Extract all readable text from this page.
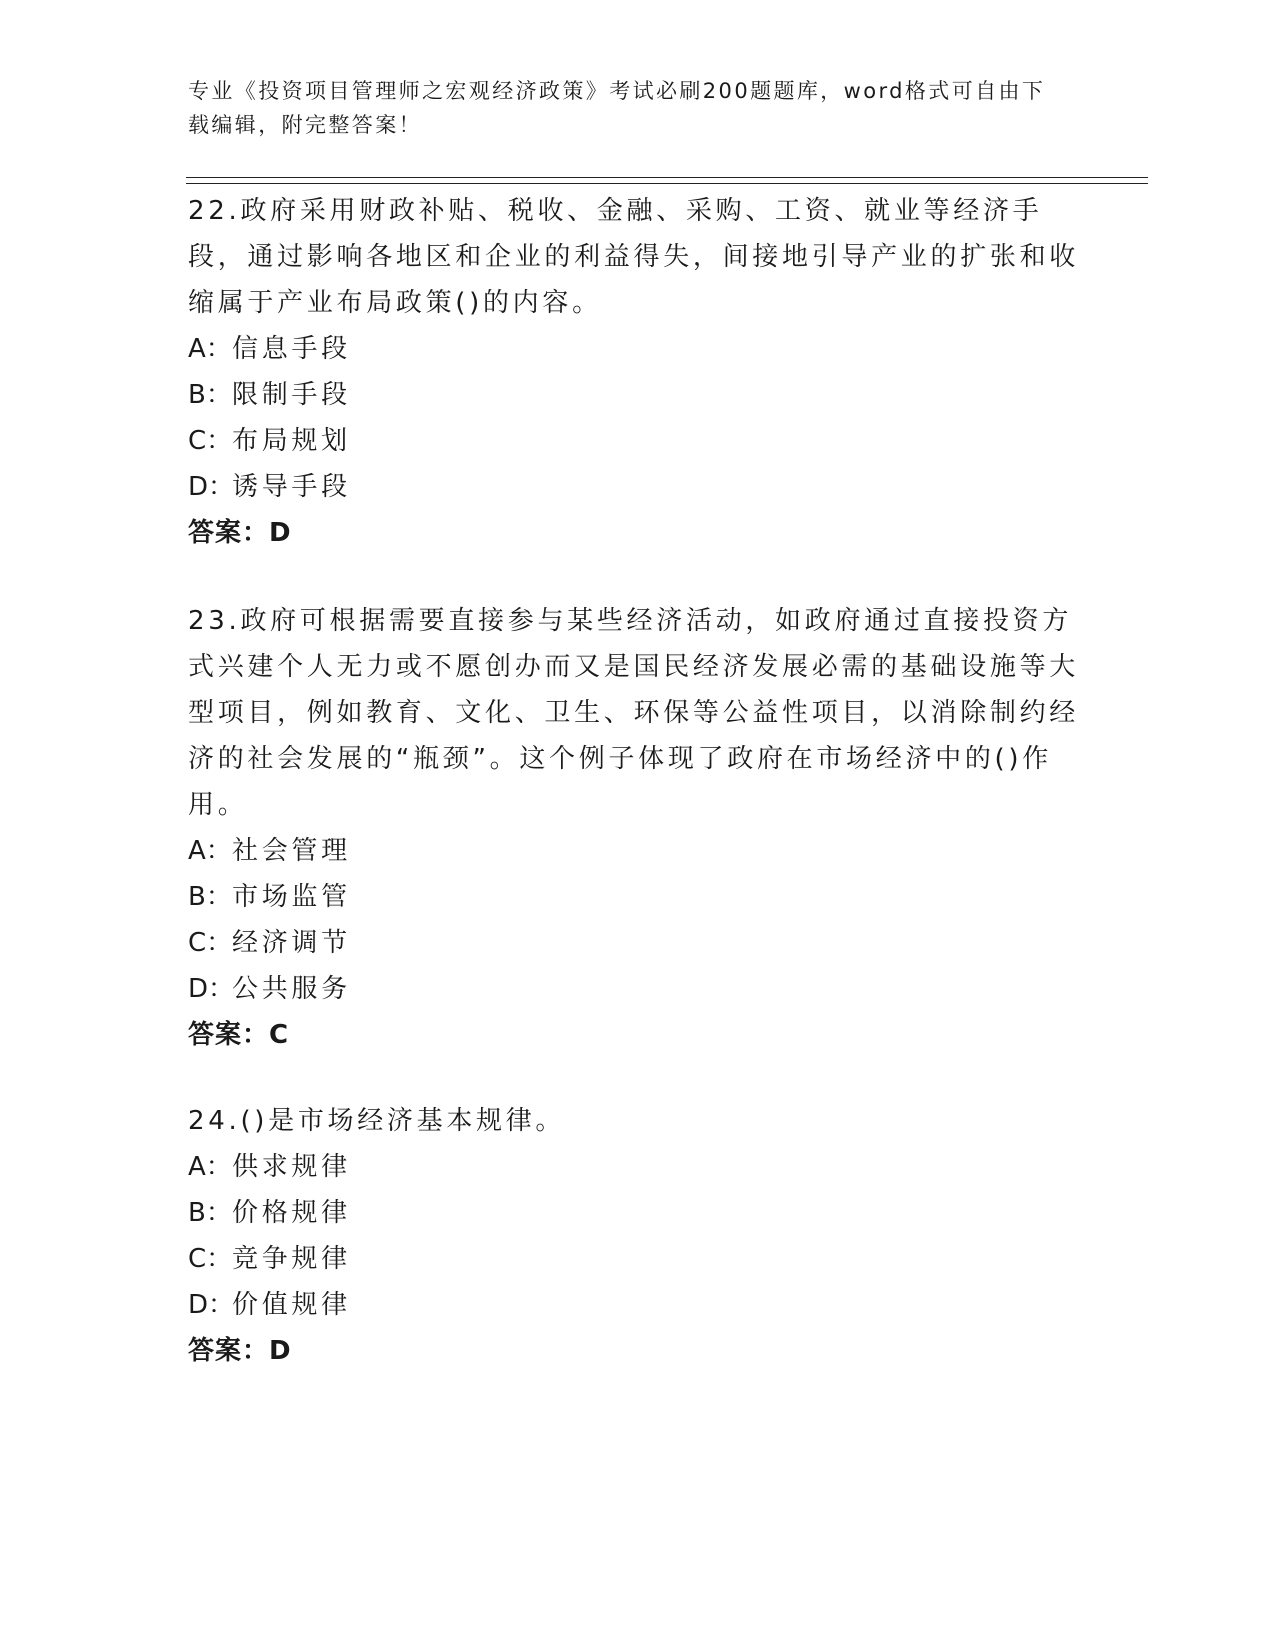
专业《投资项目管理师之宏观经济政策》考试必刷200题题库，word格式可自由下载编辑，附完整答案！

22.政府采用财政补贴、税收、金融、采购、工资、就业等经济手段，通过影响各地区和企业的利益得失，间接地引导产业的扩张和收缩属于产业布局政策()的内容。

A：信息手段
B：限制手段
C：布局规划
D：诱导手段
答案：D

23.政府可根据需要直接参与某些经济活动，如政府通过直接投资方式兴建个人无力或不愿创办而又是国民经济发展必需的基础设施等大型项目，例如教育、文化、卫生、环保等公益性项目，以消除制约经济的社会发展的“瓶颈”。这个例子体现了政府在市场经济中的()作用。

A：社会管理
B：市场监管
C：经济调节
D：公共服务
答案：C

24.()是市场经济基本规律。

A：供求规律
B：价格规律
C：竞争规律
D：价值规律
答案：D
